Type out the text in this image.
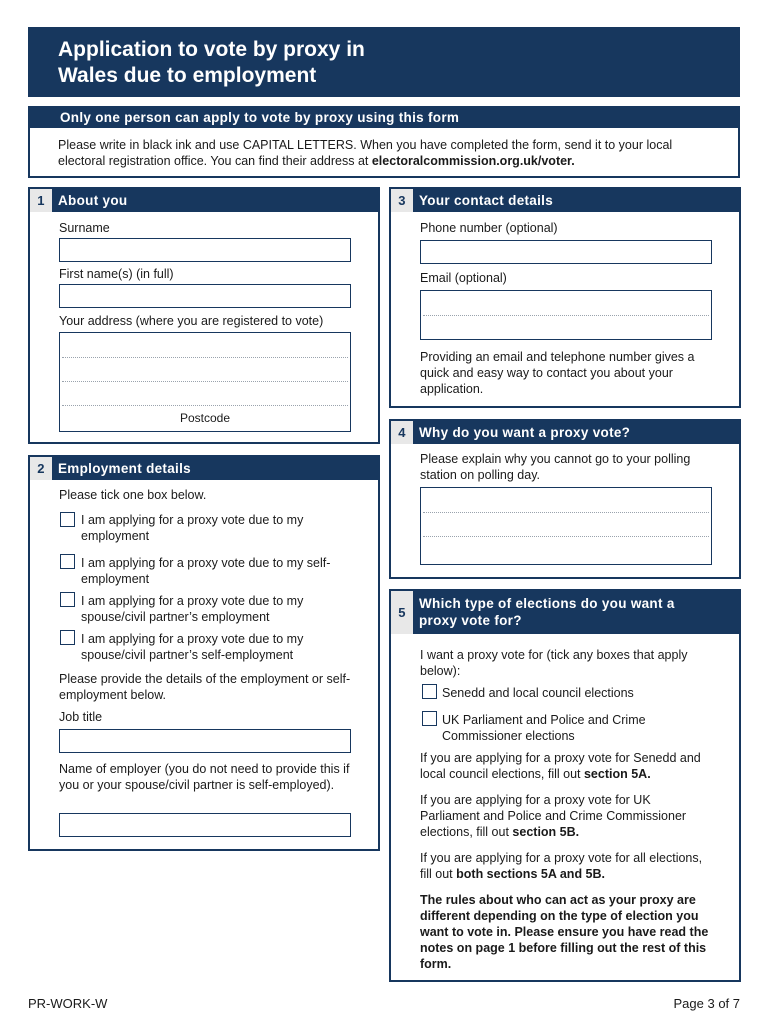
Application to vote by proxy in
Wales due to employment
Only one person can apply to vote by proxy using this form
Please write in black ink and use CAPITAL LETTERS. When you have completed the form, send it to your local electoral registration office. You can find their address at electoralcommission.org.uk/voter.
1 About you
Surname
First name(s) (in full)
Your address (where you are registered to vote)
Postcode
2 Employment details
Please tick one box below.
I am applying for a proxy vote due to my employment
I am applying for a proxy vote due to my self-employment
I am applying for a proxy vote due to my spouse/civil partner’s employment
I am applying for a proxy vote due to my spouse/civil partner’s self-employment
Please provide the details of the employment or self-employment below.
Job title
Name of employer (you do not need to provide this if you or your spouse/civil partner is self-employed).
3 Your contact details
Phone number (optional)
Email (optional)
Providing an email and telephone number gives a quick and easy way to contact you about your application.
4 Why do you want a proxy vote?
Please explain why you cannot go to your polling station on polling day.
5
Which type of elections do you want a proxy vote for?
I want a proxy vote for (tick any boxes that apply below):
Senedd and local council elections
UK Parliament and Police and Crime Commissioner elections
If you are applying for a proxy vote for Senedd and local council elections, fill out section 5A.
If you are applying for a proxy vote for UK Parliament and Police and Crime Commissioner elections, fill out section 5B.
If you are applying for a proxy vote for all elections, fill out both sections 5A and 5B.
The rules about who can act as your proxy are different depending on the type of election you want to vote in. Please ensure you have read the notes on page 1 before filling out the rest of this form.
PR-WORK-W	Page 3 of 7
